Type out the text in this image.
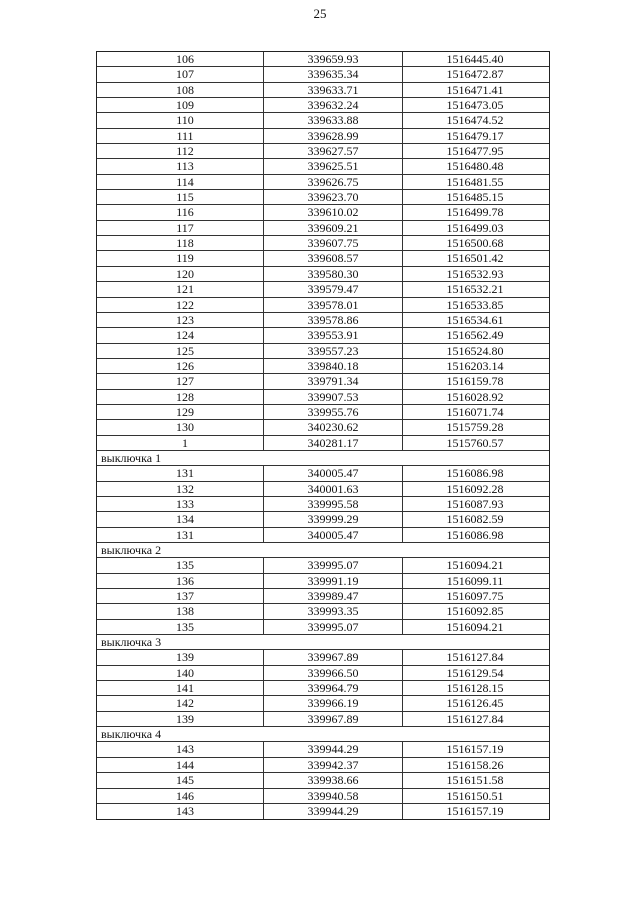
25
106	339659.93	1516445.40
107	339635.34	1516472.87
108	339633.71	1516471.41
109	339632.24	1516473.05
110	339633.88	1516474.52
111	339628.99	1516479.17
112	339627.57	1516477.95
113	339625.51	1516480.48
114	339626.75	1516481.55
115	339623.70	1516485.15
116	339610.02	1516499.78
117	339609.21	1516499.03
118	339607.75	1516500.68
119	339608.57	1516501.42
120	339580.30	1516532.93
121	339579.47	1516532.21
122	339578.01	1516533.85
123	339578.86	1516534.61
124	339553.91	1516562.49
125	339557.23	1516524.80
126	339840.18	1516203.14
127	339791.34	1516159.78
128	339907.53	1516028.92
129	339955.76	1516071.74
130	340230.62	1515759.28
1	340281.17	1515760.57
выключка 1
131	340005.47	1516086.98
132	340001.63	1516092.28
133	339995.58	1516087.93
134	339999.29	1516082.59
131	340005.47	1516086.98
выключка 2
135	339995.07	1516094.21
136	339991.19	1516099.11
137	339989.47	1516097.75
138	339993.35	1516092.85
135	339995.07	1516094.21
выключка 3
139	339967.89	1516127.84
140	339966.50	1516129.54
141	339964.79	1516128.15
142	339966.19	1516126.45
139	339967.89	1516127.84
выключка 4
143	339944.29	1516157.19
144	339942.37	1516158.26
145	339938.66	1516151.58
146	339940.58	1516150.51
143	339944.29	1516157.19
